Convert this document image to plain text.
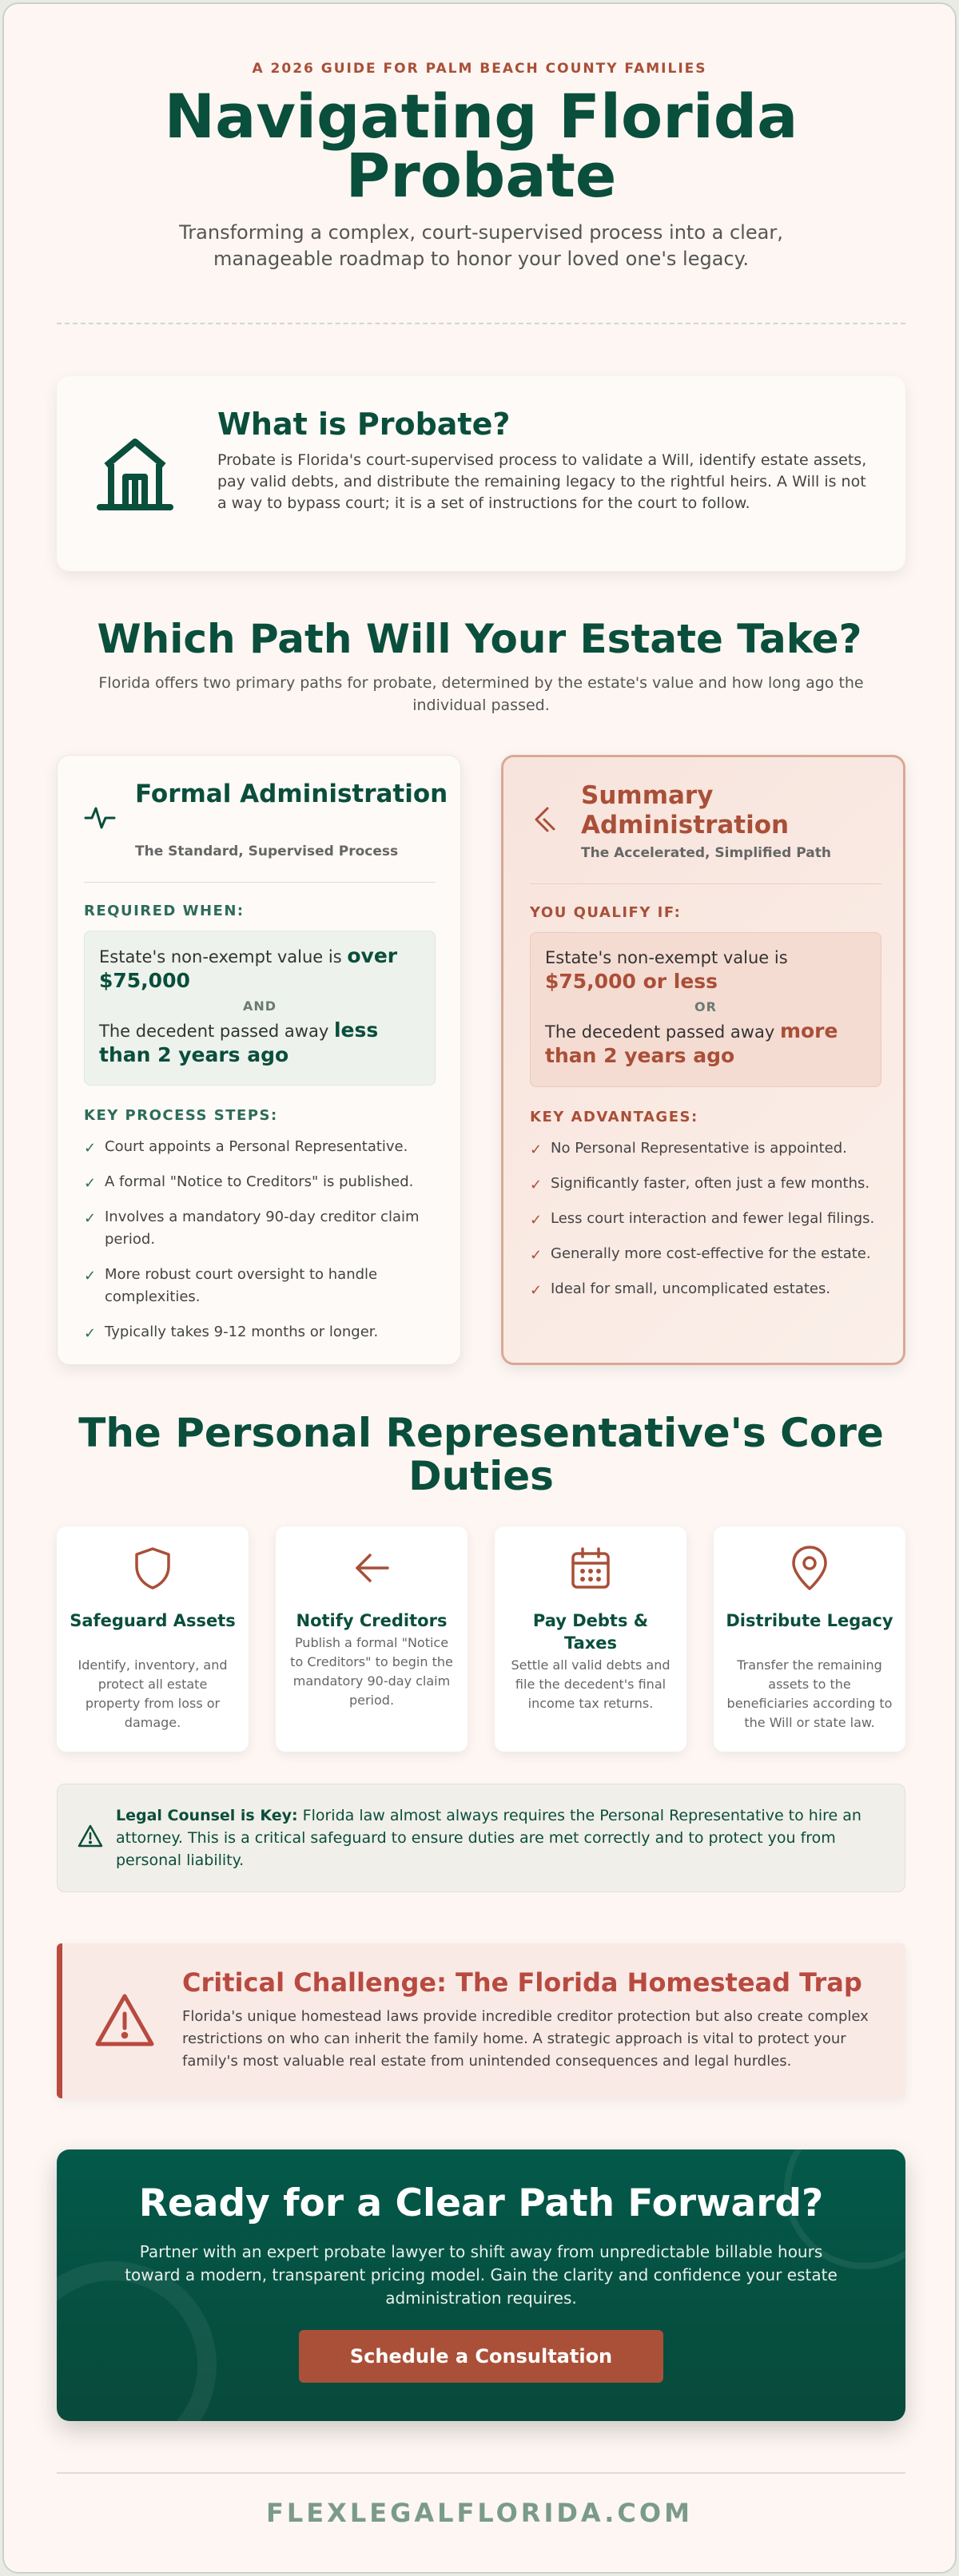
A 2026 GUIDE FOR PALM BEACH COUNTY FAMILIES
Navigating Florida Probate

Transforming a complex, court-supervised process into a clear, manageable roadmap to honor your loved one's legacy.

What is Probate?

Probate is Florida's court-supervised process to validate a Will, identify estate assets, pay valid debts, and distribute the remaining legacy to the rightful heirs. A Will is not a way to bypass court; it is a set of instructions for the court to follow.

Which Path Will Your Estate Take?

Florida offers two primary paths for probate, determined by the estate's value and how long ago the individual passed.

Formal Administration
The Standard, Supervised Process
REQUIRED WHEN:
Estate's non-exempt value is over $75,000
AND
The decedent passed away less than 2 years ago
KEY PROCESS STEPS:
✓ Court appoints a Personal Representative.
✓ A formal "Notice to Creditors" is published.
✓ Involves a mandatory 90-day creditor claim period.
✓ More robust court oversight to handle complexities.
✓ Typically takes 9-12 months or longer.
Summary Administration
The Accelerated, Simplified Path
YOU QUALIFY IF:
Estate's non-exempt value is $75,000 or less
OR
The decedent passed away more than 2 years ago
KEY ADVANTAGES:
✓ No Personal Representative is appointed.
✓ Significantly faster, often just a few months.
✓ Less court interaction and fewer legal filings.
✓ Generally more cost-effective for the estate.
✓ Ideal for small, uncomplicated estates.
The Personal Representative's Core Duties
Safeguard Assets
Identify, inventory, and protect all estate property from loss or damage.
Notify Creditors
Publish a formal "Notice to Creditors" to begin the mandatory 90-day claim period.
Pay Debts & Taxes
Settle all valid debts and file the decedent's final income tax returns.
Distribute Legacy
Transfer the remaining assets to the beneficiaries according to the Will or state law.

Legal Counsel is Key: Florida law almost always requires the Personal Representative to hire an attorney. This is a critical safeguard to ensure duties are met correctly and to protect you from personal liability.

Critical Challenge: The Florida Homestead Trap

Florida's unique homestead laws provide incredible creditor protection but also create complex restrictions on who can inherit the family home. A strategic approach is vital to protect your family's most valuable real estate from unintended consequences and legal hurdles.

Ready for a Clear Path Forward?

Partner with an expert probate lawyer to shift away from unpredictable billable hours toward a modern, transparent pricing model. Gain the clarity and confidence your estate administration requires.

Schedule a Consultation
FLEXLEGALFLORIDA.COM
